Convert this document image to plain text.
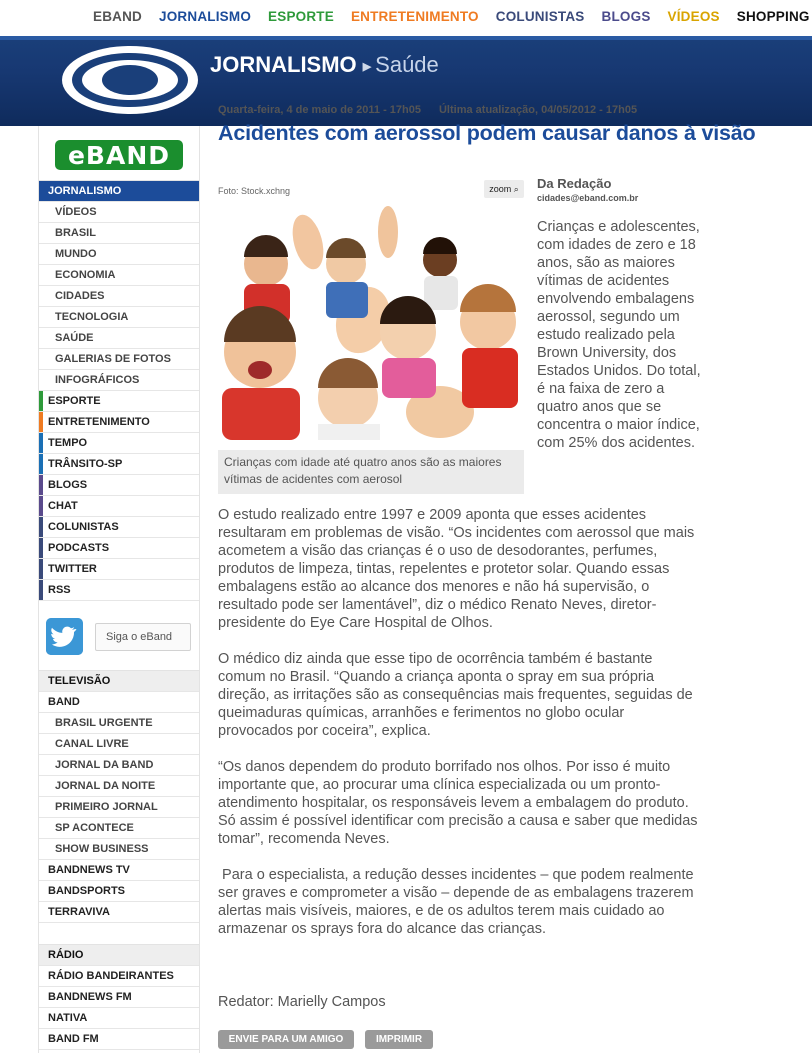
EBAND JORNALISMO ESPORTE ENTRETENIMENTO COLUNISTAS BLOGS VÍDEOS SHOPPING
JORNALISMO ▶ Saúde
eBAND
JORNALISMO
VÍDEOS
BRASIL
MUNDO
ECONOMIA
CIDADES
TECNOLOGIA
SAÚDE
GALERIAS DE FOTOS
INFOGRÁFICOS
ESPORTE
ENTRETENIMENTO
TEMPO
TRÂNSITO-SP
BLOGS
CHAT
COLUNISTAS
PODCASTS
TWITTER
RSS
Siga o eBand
TELEVISÃO
BAND
BRASIL URGENTE
CANAL LIVRE
JORNAL DA BAND
JORNAL DA NOITE
PRIMEIRO JORNAL
SP ACONTECE
SHOW BUSINESS
BANDNEWS TV
BANDSPORTS
TERRAVIVA
RÁDIO
RÁDIO BANDEIRANTES
BANDNEWS FM
NATIVA
BAND FM
Quarta-feira, 4 de maio de 2011 - 17h05 Última atualização, 04/05/2012 - 17h05
Acidentes com aerossol podem causar danos à visão
Foto: Stock.xchng	zoom ⌕
Crianças com idade até quatro anos são as maiores vítimas de acidentes com aerosol
Da Redação
cidades@eband.com.br
Crianças e adolescentes, com idades de zero e 18 anos, são as maiores vítimas de acidentes envolvendo embalagens aerossol, segundo um estudo realizado pela Brown University, dos Estados Unidos. Do total, é na faixa de zero a quatro anos que se concentra o maior índice, com 25% dos acidentes.

O estudo realizado entre 1997 e 2009 aponta que esses acidentes resultaram em problemas de visão. “Os incidentes com aerossol que mais acometem a visão das crianças é o uso de desodorantes, perfumes, produtos de limpeza, tintas, repelentes e protetor solar. Quando essas embalagens estão ao alcance dos menores e não há supervisão, o resultado pode ser lamentável”, diz o médico Renato Neves, diretor-presidente do Eye Care Hospital de Olhos.

O médico diz ainda que esse tipo de ocorrência também é bastante comum no Brasil. “Quando a criança aponta o spray em sua própria direção, as irritações são as consequências mais frequentes, seguidas de queimaduras químicas, arranhões e ferimentos no globo ocular provocados por coceira”, explica.

“Os danos dependem do produto borrifado nos olhos. Por isso é muito importante que, ao procurar uma clínica especializada ou um pronto-atendimento hospitalar, os responsáveis levem a embalagem do produto. Só assim é possível identificar com precisão a causa e saber que medidas tomar”, recomenda Neves.

Para o especialista, a redução desses incidentes – que podem realmente ser graves e comprometer a visão – depende de as embalagens trazerem alertas mais visíveis, maiores, e de os adultos terem mais cuidado ao armazenar os sprays fora do alcance das crianças.

Redator: Marielly Campos
ENVIE PARA UM AMIGO	IMPRIMIR
